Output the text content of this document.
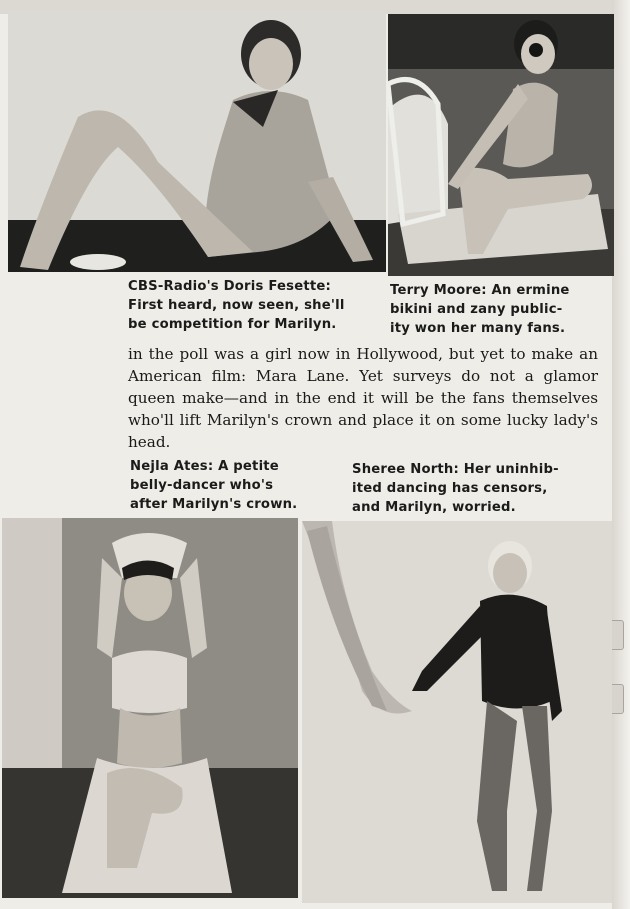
CBS-Radio's Doris Fesette:
First heard, now seen, she'll
be competition for Marilyn.
Terry Moore: An ermine
bikini and zany public-
ity won her many fans.
in the poll was a girl now in Hollywood, but yet to make an American film: Mara Lane. Yet surveys do not a glamor queen make—and in the end it will be the fans themselves who'll lift Marilyn's crown and place it on some lucky lady's head.
Nejla Ates: A petite
belly-dancer who's
after Marilyn's crown.
Sheree North: Her uninhib-
ited dancing has censors,
and Marilyn, worried.
